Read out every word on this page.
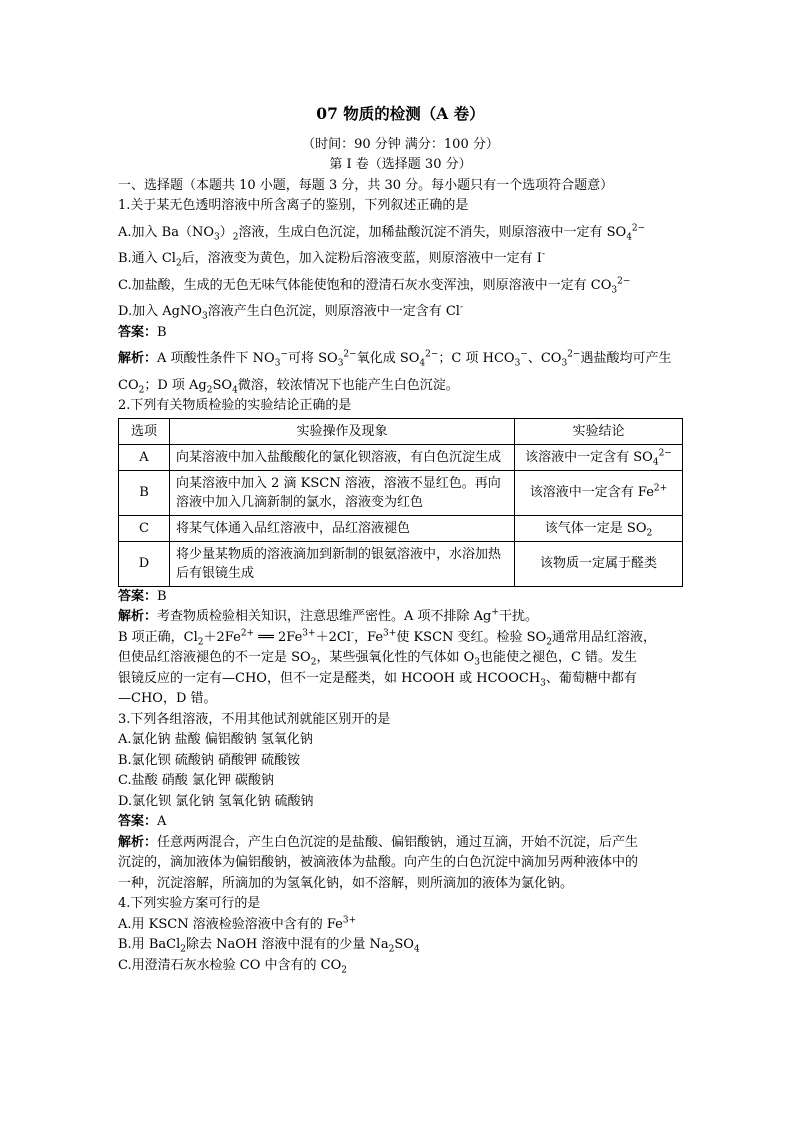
07 物质的检测（A 卷）
（时间：90 分钟 满分：100 分）
第 I 卷（选择题 30 分）
一、选择题（本题共 10 小题，每题 3 分，共 30 分。每小题只有一个选项符合题意）
1.关于某无色透明溶液中所含离子的鉴别，下列叙述正确的是
A.加入 $Ba(NO_3)_2$溶液，生成白色沉淀，加稀盐酸沉淀不消失，则原溶液中一定有 $SO_4^{2-}$
B.通入 $Cl_2$后，溶液变为黄色，加入淀粉后溶液变蓝，则原溶液中一定有 I-
C.加盐酸，生成的无色无味气体能使饱和的澄清石灰水变浑浊，则原溶液中一定有 $CO_3^{2-}$
D.加入 AgNO$_3$溶液产生白色沉淀，则原溶液中一定含有 Cl-
答案：B
解析：A 项酸性条件下 $NO_3^-$可将 $SO_3^{2-}$氧化成 $SO_4^{2-}$；C 项 $HCO_3^-$、$CO_3^{2-}$遇盐酸均可产生
$CO_2$；D 项 $Ag_2SO_4$微溶，较浓情况下也能产生白色沉淀。
2.下列有关物质检验的实验结论正确的是
选项	实验操作及现象	实验结论
A	向某溶液中加入盐酸酸化的氯化钡溶液，有白色沉淀生成	该溶液中一定含有 $SO_4^{2-}$
B	向某溶液中加入 2 滴 KSCN 溶液，溶液不显红色。再向溶液中加入几滴新制的氯水，溶液变为红色	该溶液中一定含有 $Fe^{2+}$
C	将某气体通入品红溶液中，品红溶液褪色	该气体一定是 $SO_2$
D	将少量某物质的溶液滴加到新制的银氨溶液中，水浴加热后有银镜生成	该物质一定属于醛类
答案：B
解析：考查物质检验相关知识，注意思维严密性。A 项不排除 Ag+干扰。
B 项正确，$Cl_2+2Fe^{2+}$ ══ $2Fe^{3+}+2Cl^-$，$Fe^{3+}$使 KSCN 变红。检验 $SO_2$通常用品红溶液，
但使品红溶液褪色的不一定是 $SO_2$，某些强氧化性的气体如 $O_3$也能使之褪色，C 错。发生
银镜反应的一定有—CHO，但不一定是醛类，如 HCOOH 或 $HCOOCH_3$、葡萄糖中都有
—CHO，D 错。
3.下列各组溶液，不用其他试剂就能区别开的是
A.氯化钠 盐酸 偏铝酸钠 氢氧化钠
B.氯化钡 硫酸钠 硝酸钾 硫酸铵
C.盐酸 硝酸 氯化钾 碳酸钠
D.氯化钡 氯化钠 氢氧化钠 硫酸钠
答案：A
解析：任意两两混合，产生白色沉淀的是盐酸、偏铝酸钠，通过互滴，开始不沉淀，后产生
沉淀的，滴加液体为偏铝酸钠，被滴液体为盐酸。向产生的白色沉淀中滴加另两种液体中的
一种，沉淀溶解，所滴加的为氢氧化钠，如不溶解，则所滴加的液体为氯化钠。
4.下列实验方案可行的是
A.用 KSCN 溶液检验溶液中含有的 $Fe^{3+}$
B.用 BaCl$_2$除去 NaOH 溶液中混有的少量 $Na_2SO_4$
C.用澄清石灰水检验 CO 中含有的 $CO_2$
